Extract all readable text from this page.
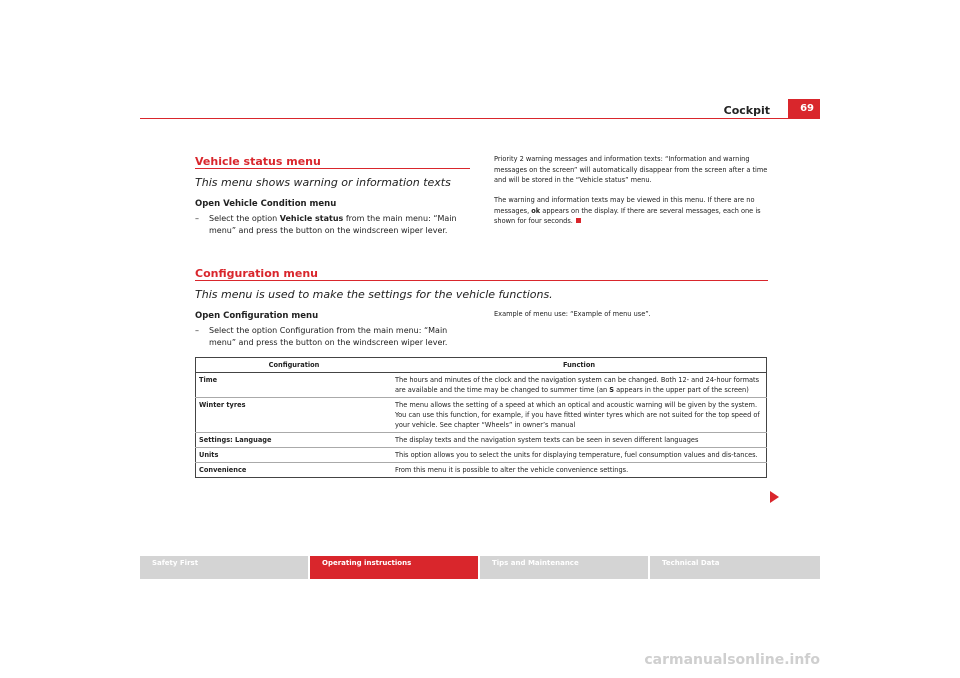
Cockpit	69
Vehicle status menu
This menu shows warning or information texts
Open Vehicle Condition menu
– Select the option Vehicle status from the main menu: “Main menu” and press the button on the windscreen wiper lever.
Priority 2 warning messages and information texts: “Information and warning messages on the screen” will automatically disappear from the screen after a time and will be stored in the “Vehicle status” menu.
The warning and information texts may be viewed in this menu. If there are no messages, ok appears on the display. If there are several messages, each one is shown for four seconds.
Configuration menu
This menu is used to make the settings for the vehicle functions.
Open Configuration menu
– Select the option Configuration from the main menu: “Main menu” and press the button on the windscreen wiper lever.
Example of menu use: “Example of menu use”.
Configuration	Function
Time	The hours and minutes of the clock and the navigation system can be changed. Both 12- and 24-hour formats are available and the time may be changed to summer time (an S appears in the upper part of the screen)
Winter tyres	The menu allows the setting of a speed at which an optical and acoustic warning will be given by the system. You can use this function, for example, if you have fitted winter tyres which are not suited for the top speed of your vehicle. See chapter “Wheels” in owner’s manual
Settings: Language	The display texts and the navigation system texts can be seen in seven different languages
Units	This option allows you to select the units for displaying temperature, fuel consumption values and dis-tances.
Convenience	From this menu it is possible to alter the vehicle convenience settings.
Safety First	Operating instructions	Tips and Maintenance	Technical Data
carmanualsonline.info
